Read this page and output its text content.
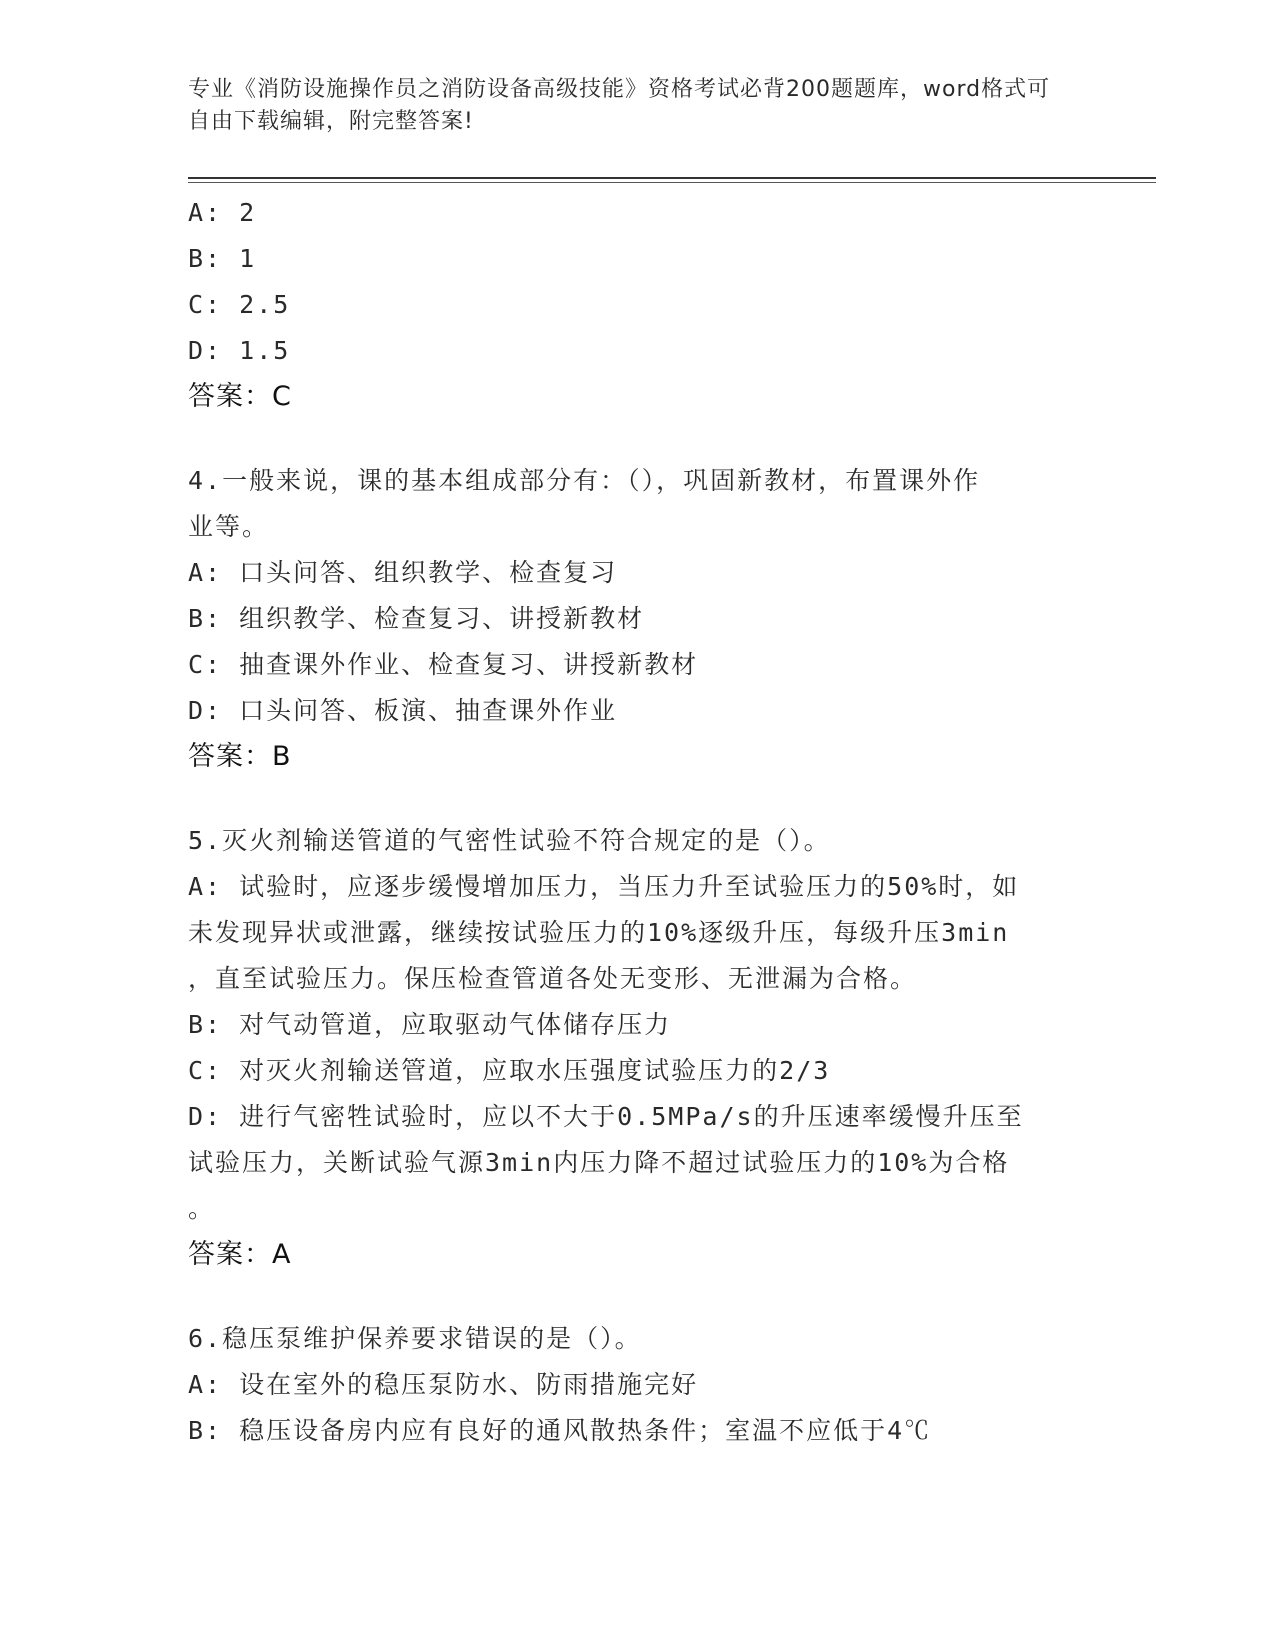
专业《消防设施操作员之消防设备高级技能》资格考试必背200题题库，word格式可自由下载编辑，附完整答案!
A: 2
B: 1
C: 2.5
D: 1.5
答案：C
4.一般来说，课的基本组成部分有：（），巩固新教材，布置课外作
业等。
A: 口头问答、组织教学、检查复习
B: 组织教学、检查复习、讲授新教材
C: 抽查课外作业、检查复习、讲授新教材
D: 口头问答、板演、抽查课外作业
答案：B
5.灭火剂输送管道的气密性试验不符合规定的是（）。
A: 试验时，应逐步缓慢增加压力，当压力升至试验压力的50%时，如
未发现异状或泄露，继续按试验压力的10%逐级升压，每级升压3min
，直至试验压力。保压检查管道各处无变形、无泄漏为合格。
B: 对气动管道，应取驱动气体储存压力
C: 对灭火剂输送管道，应取水压强度试验压力的2/3
D: 进行气密牲试验时，应以不大于0.5MPa/s的升压速率缓慢升压至
试验压力，关断试验气源3min内压力降不超过试验压力的10%为合格
。
答案：A
6.稳压泵维护保养要求错误的是（）。
A: 设在室外的稳压泵防水、防雨措施完好
B: 稳压设备房内应有良好的通风散热条件；室温不应低于4℃
